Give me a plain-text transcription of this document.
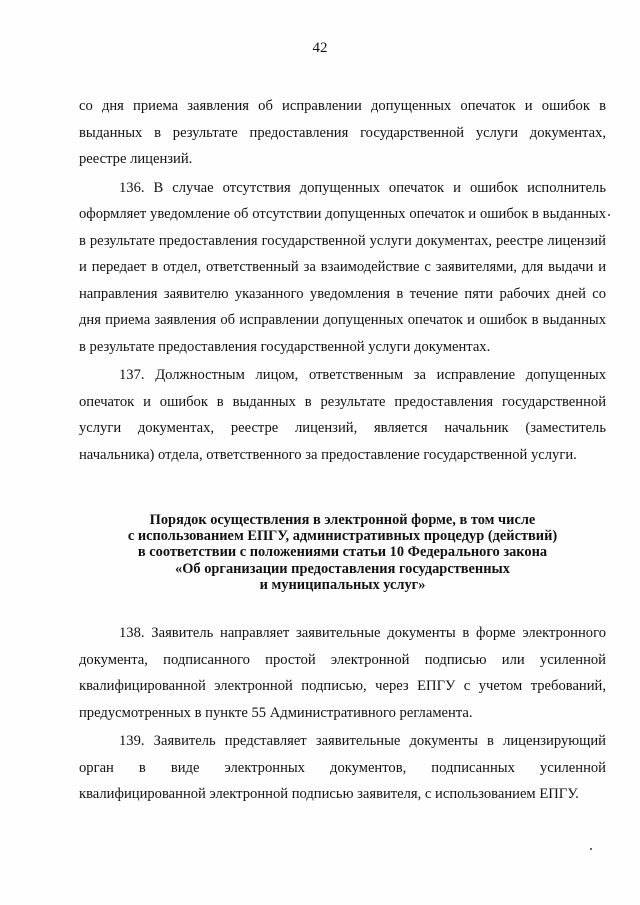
42

со дня приема заявления об исправлении допущенных опечаток и ошибок в выданных в результате предоставления государственной услуги документах, реестре лицензий.

136. В случае отсутствия допущенных опечаток и ошибок исполнитель оформляет уведомление об отсутствии допущенных опечаток и ошибок в выданных в результате предоставления государственной услуги документах, реестре лицензий и передает в отдел, ответственный за взаимодействие с заявителями, для выдачи и направления заявителю указанного уведомления в течение пяти рабочих дней со дня приема заявления об исправлении допущенных опечаток и ошибок в выданных в результате предоставления государственной услуги документах.

137. Должностным лицом, ответственным за исправление допущенных опечаток и ошибок в выданных в результате предоставления государственной услуги документах, реестре лицензий, является начальник (заместитель начальника) отдела, ответственного за предоставление государственной услуги.

Порядок осуществления в электронной форме, в том числе
с использованием ЕПГУ, административных процедур (действий)
в соответствии с положениями статьи 10 Федерального закона
«Об организации предоставления государственных
и муниципальных услуг»

138. Заявитель направляет заявительные документы в форме электронного документа, подписанного простой электронной подписью или усиленной квалифицированной электронной подписью, через ЕПГУ с учетом требований, предусмотренных в пункте 55 Административного регламента.

139. Заявитель представляет заявительные документы в лицензирующий орган в виде электронных документов, подписанных усиленной квалифицированной электронной подписью заявителя, с использованием ЕПГУ.
